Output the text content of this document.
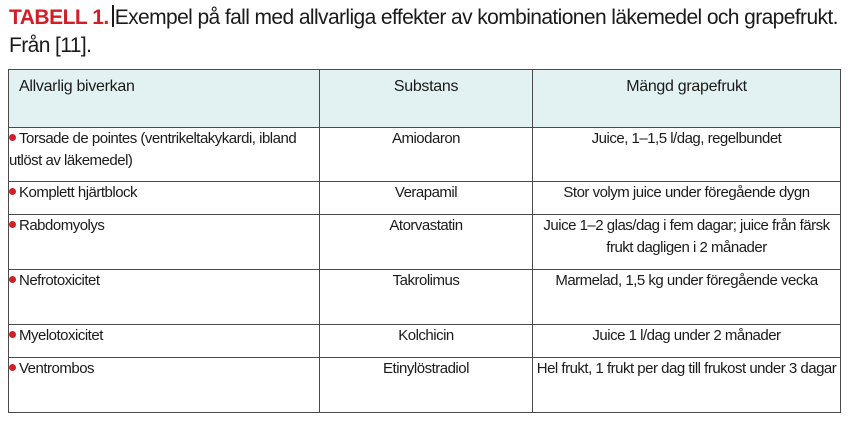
TABELL 1. Exempel på fall med allvarliga effekter av kombinationen läkemedel och grapefrukt. Från [11].
Allvarlig biverkan	Substans	Mängd grapefrukt
Torsade de pointes (ventrikeltakykardi, ibland utlöst av läkemedel)	Amiodaron	Juice, 1–1,5 l/dag, regelbundet
Komplett hjärtblock	Verapamil	Stor volym juice under föregående dygn
Rabdomyolys	Atorvastatin	Juice 1–2 glas/dag i fem dagar; juice från färsk frukt dagligen i 2 månader
Nefrotoxicitet	Takrolimus	Marmelad, 1,5 kg under föregående vecka
Myelotoxicitet	Kolchicin	Juice 1 l/dag under 2 månader
Ventrombos	Etinylöstradiol	Hel frukt, 1 frukt per dag till frukost under 3 dagar
